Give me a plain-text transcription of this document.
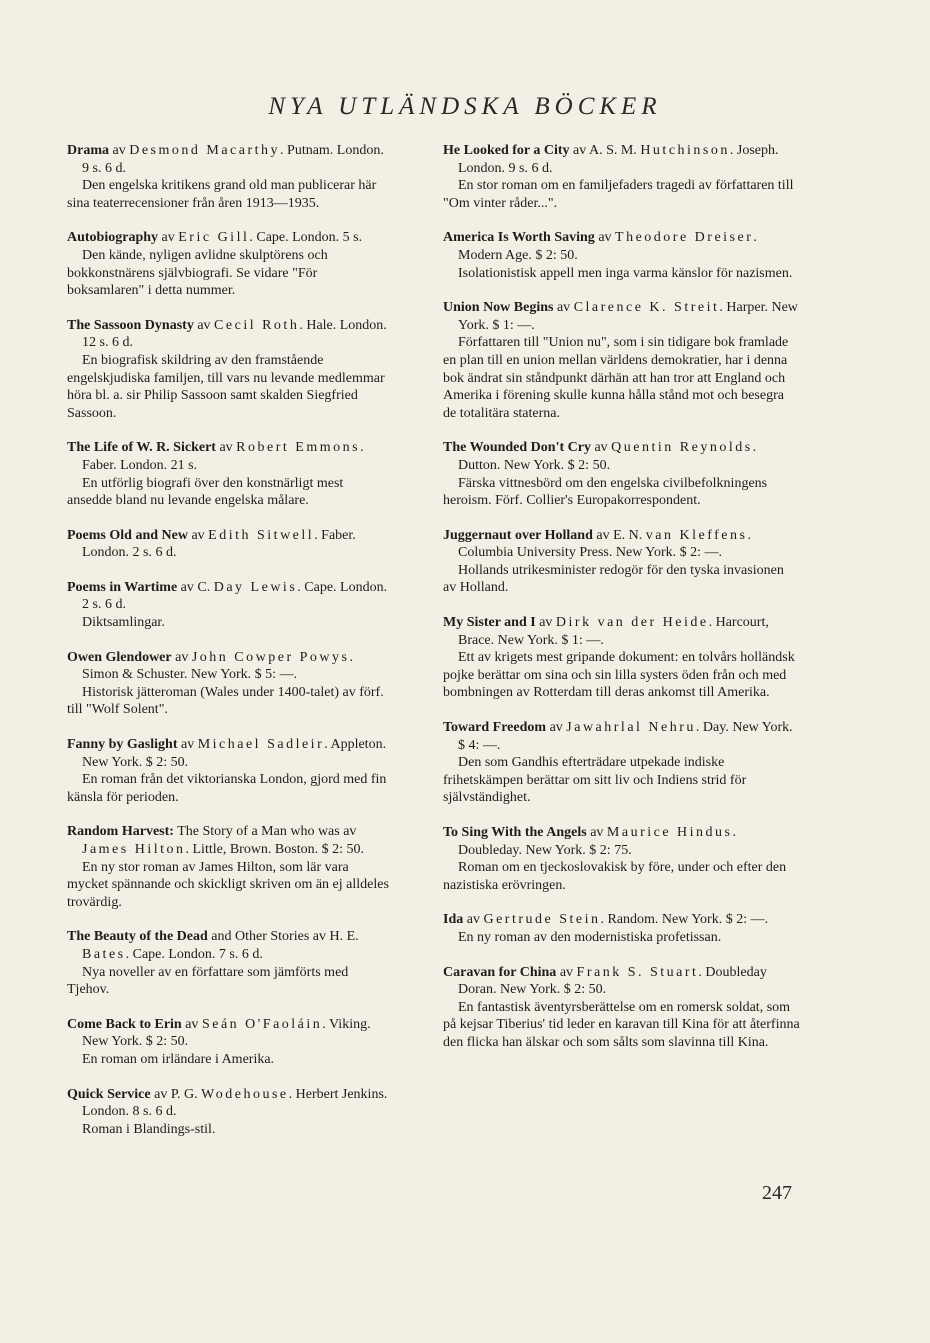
NYA UTLÄNDSKA BÖCKER
Drama av Desmond Macarthy. Putnam. London. 9 s. 6 d.
Den engelska kritikens grand old man publicerar här sina teaterrecensioner från åren 1913—1935.
Autobiography av Eric Gill. Cape. London. 5 s.
Den kände, nyligen avlidne skulptörens och bokkonstnärens självbiografi. Se vidare "För boksamlaren" i detta nummer.
The Sassoon Dynasty av Cecil Roth. Hale. London. 12 s. 6 d.
En biografisk skildring av den framstående engelskjudiska familjen, till vars nu levande medlemmar höra bl. a. sir Philip Sassoon samt skalden Siegfried Sassoon.
The Life of W. R. Sickert av Robert Emmons. Faber. London. 21 s.
En utförlig biografi över den konstnärligt mest ansedde bland nu levande engelska målare.
Poems Old and New av Edith Sitwell. Faber. London. 2 s. 6 d.
Poems in Wartime av C. Day Lewis. Cape. London. 2 s. 6 d.
Diktsamlingar.
Owen Glendower av John Cowper Powys. Simon & Schuster. New York. $ 5: —.
Historisk jätteroman (Wales under 1400-talet) av förf. till "Wolf Solent".
Fanny by Gaslight av Michael Sadleir. Appleton. New York. $ 2: 50.
En roman från det viktorianska London, gjord med fin känsla för perioden.
Random Harvest: The Story of a Man who was av James Hilton. Little, Brown. Boston. $ 2: 50.
En ny stor roman av James Hilton, som lär vara mycket spännande och skickligt skriven om än ej alldeles trovärdig.
The Beauty of the Dead and Other Stories av H. E. Bates. Cape. London. 7 s. 6 d.
Nya noveller av en författare som jämförts med Tjehov.
Come Back to Erin av Seán O'Faoláin. Viking. New York. $ 2: 50.
En roman om irländare i Amerika.
Quick Service av P. G. Wodehouse. Herbert Jenkins. London. 8 s. 6 d.
Roman i Blandings-stil.
He Looked for a City av A. S. M. Hutchinson. Joseph. London. 9 s. 6 d.
En stor roman om en familjefaders tragedi av författaren till "Om vinter råder...".
America Is Worth Saving av Theodore Dreiser. Modern Age. $ 2: 50.
Isolationistisk appell men inga varma känslor för nazismen.
Union Now Begins av Clarence K. Streit. Harper. New York. $ 1: —.
Författaren till "Union nu", som i sin tidigare bok framlade en plan till en union mellan världens demokratier, har i denna bok ändrat sin ståndpunkt därhän att han tror att England och Amerika i förening skulle kunna hålla stånd mot och besegra de totalitära staterna.
The Wounded Don't Cry av Quentin Reynolds. Dutton. New York. $ 2: 50.
Färska vittnesbörd om den engelska civilbefolkningens heroism. Förf. Collier's Europakorrespondent.
Juggernaut over Holland av E. N. van Kleffens. Columbia University Press. New York. $ 2: —.
Hollands utrikesminister redogör för den tyska invasionen av Holland.
My Sister and I av Dirk van der Heide. Harcourt, Brace. New York. $ 1: —.
Ett av krigets mest gripande dokument: en tolvårs holländsk pojke berättar om sina och sin lilla systers öden från och med bombningen av Rotterdam till deras ankomst till Amerika.
Toward Freedom av Jawahrlal Nehru. Day. New York. $ 4: —.
Den som Gandhis efterträdare utpekade indiske frihetskämpen berättar om sitt liv och Indiens strid för självständighet.
To Sing With the Angels av Maurice Hindus. Doubleday. New York. $ 2: 75.
Roman om en tjeckoslovakisk by före, under och efter den nazistiska erövringen.
Ida av Gertrude Stein. Random. New York. $ 2: —.
En ny roman av den modernistiska profetissan.
Caravan for China av Frank S. Stuart. Doubleday Doran. New York. $ 2: 50.
En fantastisk äventyrsberättelse om en romersk soldat, som på kejsar Tiberius' tid leder en karavan till Kina för att återfinna den flicka han älskar och som sålts som slavinna till Kina.
247
